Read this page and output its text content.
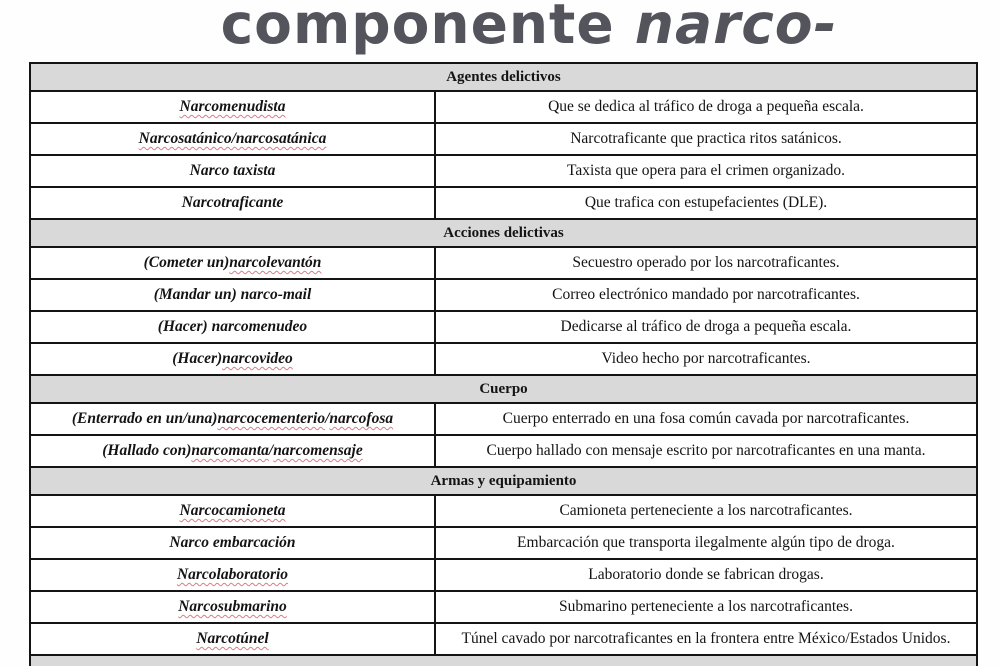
componente narco-
Agentes delictivos
Narcomenudista	Que se dedica al tráfico de droga a pequeña escala.
Narcosatánico/narcosatánica	Narcotraficante que practica ritos satánicos.
Narco taxista	Taxista que opera para el crimen organizado.
Narcotraficante	Que trafica con estupefacientes (DLE).
Acciones delictivas
(Cometer un) narcolevantón	Secuestro operado por los narcotraficantes.
(Mandar un) narco-mail	Correo electrónico mandado por narcotraficantes.
(Hacer) narcomenudeo	Dedicarse al tráfico de droga a pequeña escala.
(Hacer) narcovideo	Video hecho por narcotraficantes.
Cuerpo
(Enterrado en un/una) narcocementerio / narcofosa	Cuerpo enterrado en una fosa común cavada por narcotraficantes.
(Hallado con) narcomanta / narcomensaje	Cuerpo hallado con mensaje escrito por narcotraficantes en una manta.
Armas y equipamiento
Narcocamioneta	Camioneta perteneciente a los narcotraficantes.
Narco embarcación	Embarcación que transporta ilegalmente algún tipo de droga.
Narcolaboratorio	Laboratorio donde se fabrican drogas.
Narcosubmarino	Submarino perteneciente a los narcotraficantes.
Narcotúnel	Túnel cavado por narcotraficantes en la frontera entre México/Estados Unidos.
